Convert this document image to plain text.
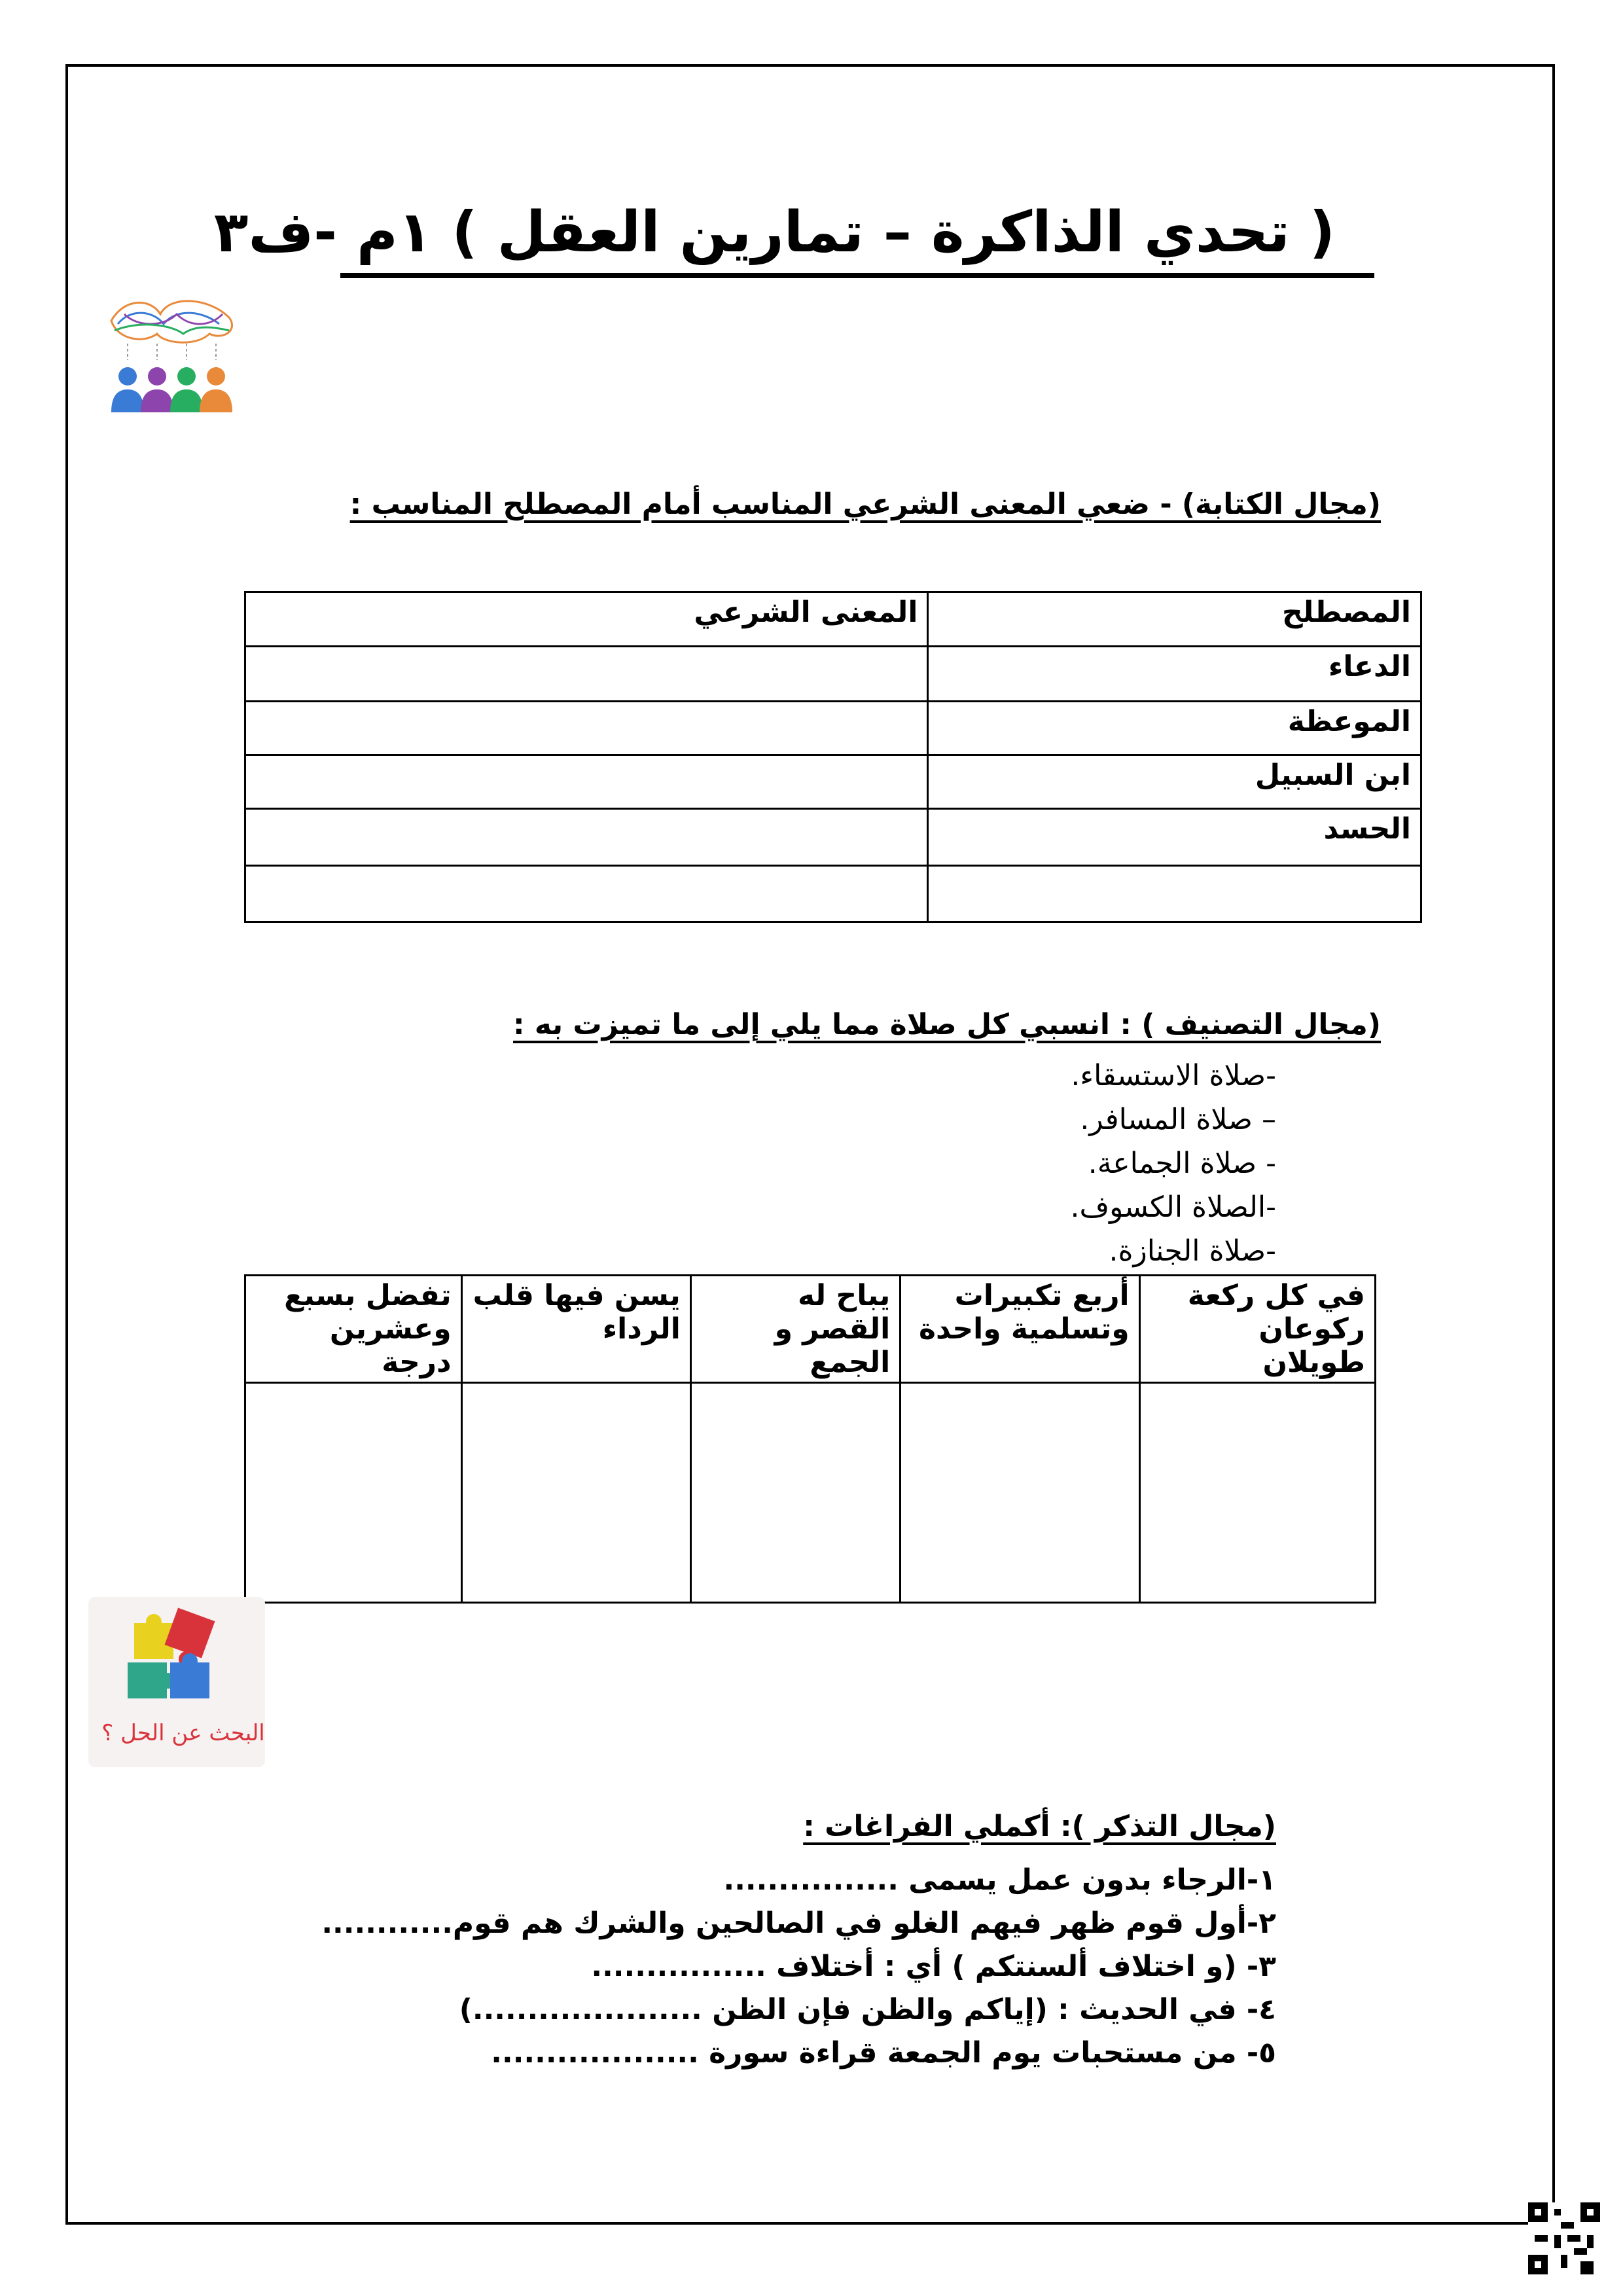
( تحدي الذاكرة – تمارين العقل ) ١م -ف٣
(مجال الكتابة) - ضعي المعنى الشرعي المناسب أمام المصطلح المناسب :
المصطلح	المعنى الشرعي
الدعاء	
الموعظة	
ابن السبيل	
الحسد	

(مجال التصنيف ) : انسبي كل صلاة مما يلي إلى ما تميزت به :
-صلاة الاستسقاء.
– صلاة المسافر.
- صلاة الجماعة.
-الصلاة الكسوف.
-صلاة الجنازة.
في كل ركعة ركوعان طويلان	أربع تكبيرات وتسلمية واحدة	يباح له القصر و الجمع	يسن فيها قلب الرداء	تفضل بسبع وعشرين درجة

البحث عن الحل ؟
(مجال التذكر ): أكملي الفراغات :
١-الرجاء بدون عمل يسمى ................
٢-أول قوم ظهر فيهم الغلو في الصالحين والشرك هم قوم............
٣- (و اختلاف ألسنتكم ) أي : أختلاف ................
٤- في الحديث : (إياكم والظن فإن الظن .....................)
٥- من مستحبات يوم الجمعة قراءة سورة ...................
